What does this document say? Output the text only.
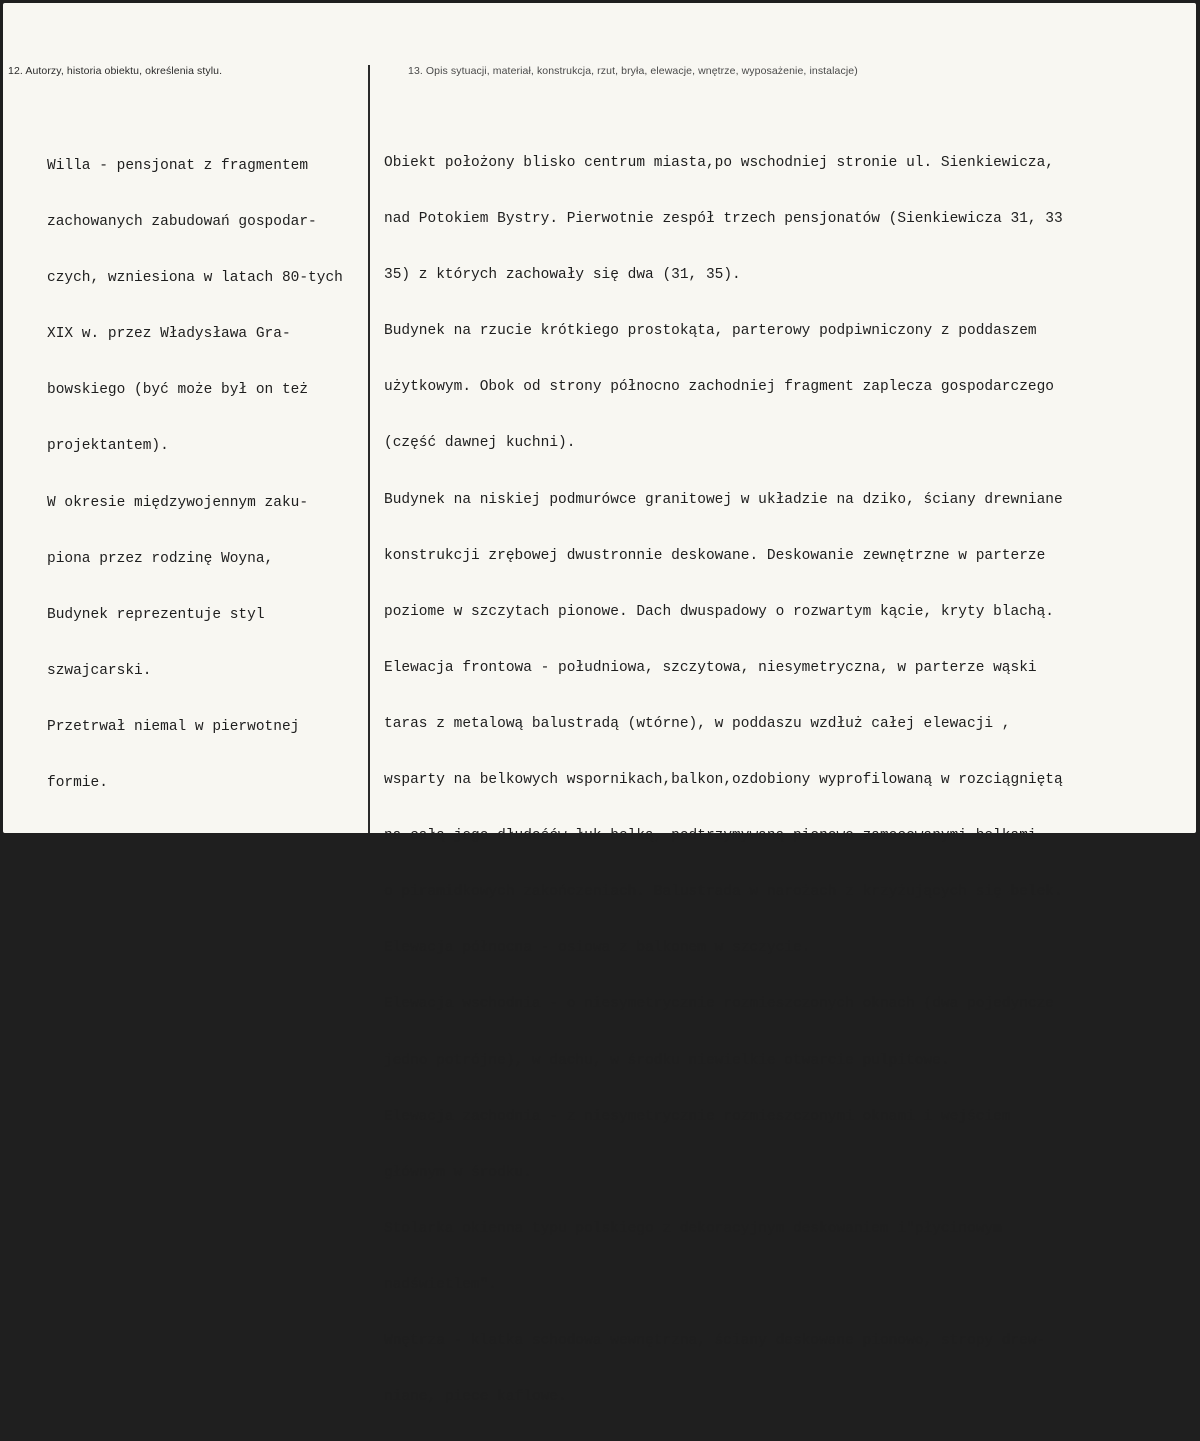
12. Autorzy, historia obiektu, określenia stylu.	13. Opis sytuacji, materiał, konstrukcja, rzut, bryła, elewacje, wnętrze, wyposażenie, instalacje)

Willa - pensjonat z fragmentem

zachowanych zabudowań gospodar-

czych, wzniesiona w latach 80-tych

XIX w. przez Władysława Gra-

bowskiego (być może był on też

projektantem).

W okresie międzywojennym zaku-

piona przez rodzinę Woyna,

Budynek reprezentuje styl

szwajcarski.

Przetrwał niemal w pierwotnej

formie.

Obiekt położony blisko centrum miasta,po wschodniej stronie ul. Sienkiewicza,

nad Potokiem Bystry. Pierwotnie zespół trzech pensjonatów (Sienkiewicza 31, 33

35) z których zachowały się dwa (31, 35).

Budynek na rzucie krótkiego prostokąta, parterowy podpiwniczony z poddaszem

użytkowym. Obok od strony północno zachodniej fragment zaplecza gospodarczego

(część dawnej kuchni).

Budynek na niskiej podmurówce granitowej w układzie na dziko, ściany drewniane

konstrukcji zrębowej dwustronnie deskowane. Deskowanie zewnętrzne w parterze

poziome w szczytach pionowe. Dach dwuspadowy o rozwartym kącie, kryty blachą.

Elewacja frontowa - południowa, szczytowa, niesymetryczna, w parterze wąski

taras z metalową balustradą (wtórne), w poddaszu wzdłuż całej elewacji ,

wsparty na belkowych wspornikach,balkon,ozdobiony wyprofilowaną w rozciągniętą

na całą jego dłudośćw łuk belką, podtrzymywaną pionowo zamocowanymi belkami

o piramidkowych zakończeniach. Balustrada w narożach z krzyżujących się belek.

Elewacja północna - osiowa z balkonem w szczycie.

Elewacja wschodnia - o niesymetrycznie rozmieszczonych oknach (dwa pojedyncze

jedno potrójne), w dachu, w środku niewielkie otwarcie pulpitowe.

Elewacja zachodnia - z niesymetrycznie rozmieszczonymi oknami i wejściem

głównym w środku.

Stolarka okienna typu polskiego z dekoracyjnym deskowaniem i"płycinowym

nadświetlem".

Wnętrza - klatka schodowa wewnętrzna, ściany deskowane pionowo, stropy drew-

niane, piece kaflowe.
